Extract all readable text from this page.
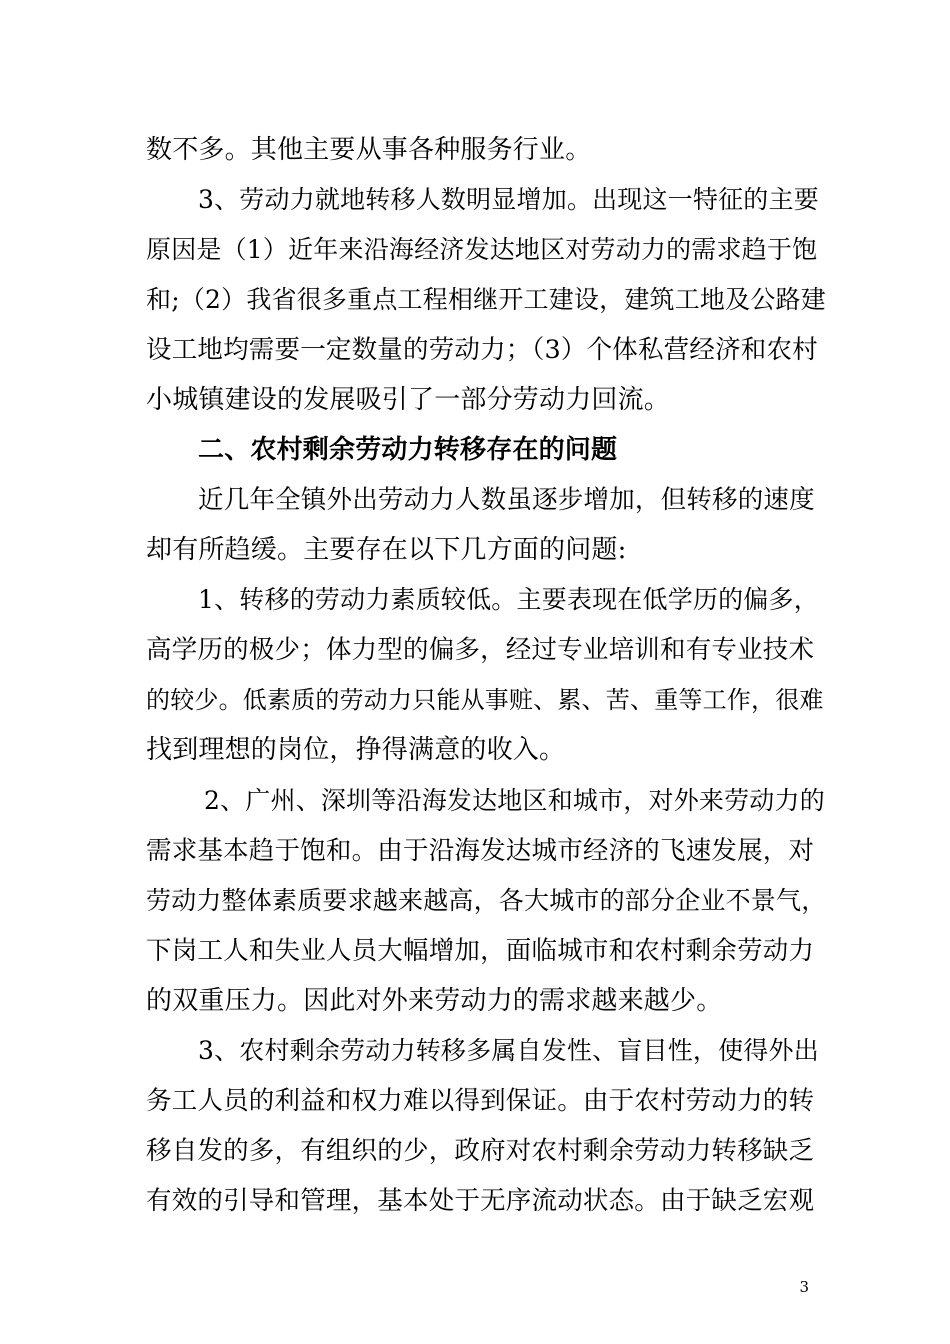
数不多。其他主要从事各种服务行业。
3、劳动力就地转移人数明显增加。出现这一特征的主要
原因是（1）近年来沿海经济发达地区对劳动力的需求趋于饱
和;（2）我省很多重点工程相继开工建设，建筑工地及公路建
设工地均需要一定数量的劳动力；（3）个体私营经济和农村
小城镇建设的发展吸引了一部分劳动力回流。
二、农村剩余劳动力转移存在的问题
近几年全镇外出劳动力人数虽逐步增加，但转移的速度
却有所趋缓。主要存在以下几方面的问题:
1、转移的劳动力素质较低。主要表现在低学历的偏多，
高学历的极少；体力型的偏多，经过专业培训和有专业技术
的较少。低素质的劳动力只能从事赃、累、苦、重等工作，很难
找到理想的岗位，挣得满意的收入。
2、广州、深圳等沿海发达地区和城市，对外来劳动力的
需求基本趋于饱和。由于沿海发达城市经济的飞速发展，对
劳动力整体素质要求越来越高，各大城市的部分企业不景气，
下岗工人和失业人员大幅增加，面临城市和农村剩余劳动力
的双重压力。因此对外来劳动力的需求越来越少。
3、农村剩余劳动力转移多属自发性、盲目性，使得外出
务工人员的利益和权力难以得到保证。由于农村劳动力的转
移自发的多，有组织的少，政府对农村剩余劳动力转移缺乏
有效的引导和管理，基本处于无序流动状态。由于缺乏宏观
3
